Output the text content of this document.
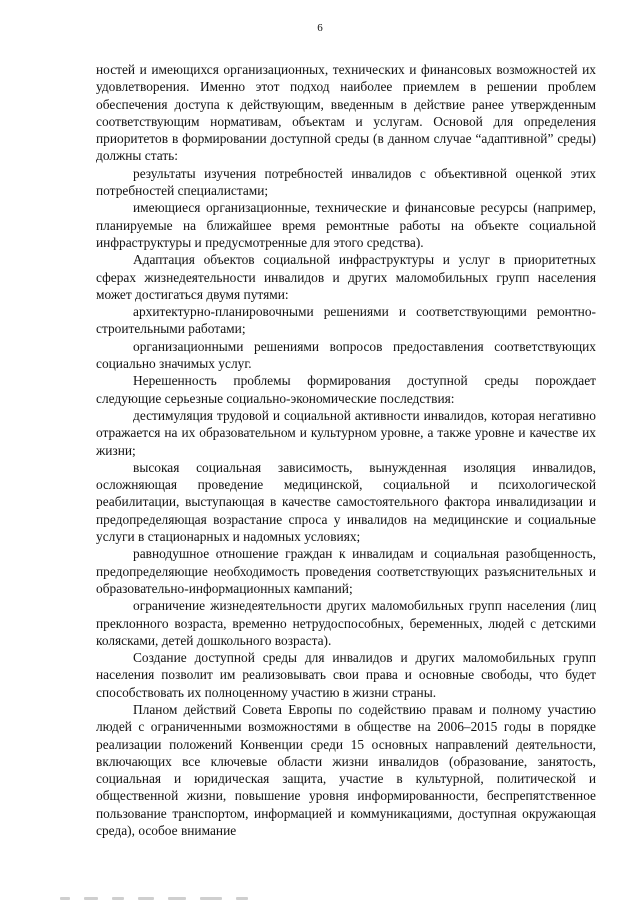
6

ностей и имеющихся организационных, технических и финансовых возможностей их удовлетворения. Именно этот подход наиболее приемлем в решении проблем обеспечения доступа к действующим, введенным в действие ранее утвержденным соответствующим нормативам, объектам и услугам. Основой для определения приоритетов в формировании доступной среды (в данном случае “адаптивной” среды) должны стать:

результаты изучения потребностей инвалидов с объективной оценкой этих потребностей специалистами;

имеющиеся организационные, технические и финансовые ресурсы (например, планируемые на ближайшее время ремонтные работы на объекте социальной инфраструктуры и предусмотренные для этого средства).

Адаптация объектов социальной инфраструктуры и услуг в приоритетных сферах жизнедеятельности инвалидов и других маломобильных групп населения может достигаться двумя путями:

архитектурно-планировочными решениями и соответствующими ремонтно-строительными работами;

организационными решениями вопросов предоставления соответствующих социально значимых услуг.

Нерешенность проблемы формирования доступной среды порождает следующие серьезные социально-экономические последствия:

дестимуляция трудовой и социальной активности инвалидов, которая негативно отражается на их образовательном и культурном уровне, а также уровне и качестве их жизни;

высокая социальная зависимость, вынужденная изоляция инвалидов, осложняющая проведение медицинской, социальной и психологической реабилитации, выступающая в качестве самостоятельного фактора инвалидизации и предопределяющая возрастание спроса у инвалидов на медицинские и социальные услуги в стационарных и надомных условиях;

равнодушное отношение граждан к инвалидам и социальная разобщенность, предопределяющие необходимость проведения соответствующих разъяснительных и образовательно-информационных кампаний;

ограничение жизнедеятельности других маломобильных групп населения (лиц преклонного возраста, временно нетрудоспособных, беременных, людей с детскими колясками, детей дошкольного возраста).

Создание доступной среды для инвалидов и других маломобильных групп населения позволит им реализовывать свои права и основные свободы, что будет способствовать их полноценному участию в жизни страны.

Планом действий Совета Европы по содействию правам и полному участию людей с ограниченными возможностями в обществе на 2006–2015 годы в порядке реализации положений Конвенции среди 15 основных направлений деятельности, включающих все ключевые области жизни инвалидов (образование, занятость, социальная и юридическая защита, участие в культурной, политической и общественной жизни, повышение уровня информированности, беспрепятственное пользование транспортом, информацией и коммуникациями, доступная окружающая среда), особое внимание
